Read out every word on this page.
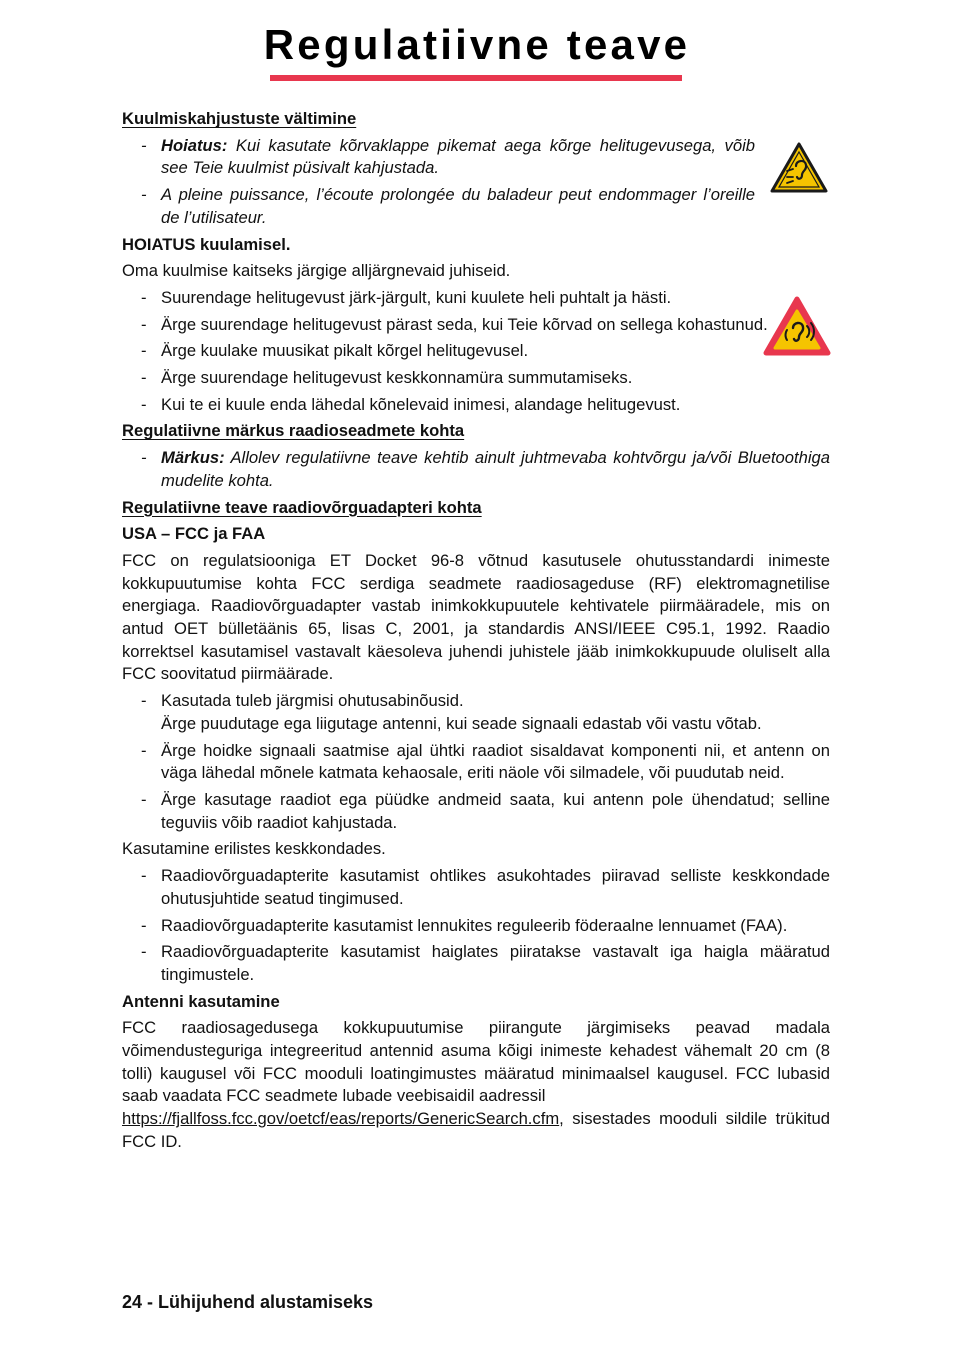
Regulatiivne teave
Kuulmiskahjustuste vältimine
- Hoiatus: Kui kasutate kõrvaklappe pikemat aega kõrge helitugevusega, võib see Teie kuulmist püsivalt kahjustada.
- A pleine puissance, l’écoute prolongée du baladeur peut endommager l’oreille de l’utilisateur.
HOIATUS kuulamisel.
Oma kuulmise kaitseks järgige alljärgnevaid juhiseid.
- Suurendage helitugevust järk-järgult, kuni kuulete heli puhtalt ja hästi.
- Ärge suurendage helitugevust pärast seda, kui Teie kõrvad on sellega kohastunud.
- Ärge kuulake muusikat pikalt kõrgel helitugevusel.
- Ärge suurendage helitugevust keskkonnamüra summutamiseks.
- Kui te ei kuule enda lähedal kõnelevaid inimesi, alandage helitugevust.
Regulatiivne märkus raadioseadmete kohta
- Märkus: Allolev regulatiivne teave kehtib ainult juhtmevaba kohtvõrgu ja/või Bluetoothiga mudelite kohta.
Regulatiivne teave raadiovõrguadapteri kohta
USA – FCC ja FAA
FCC on regulatsiooniga ET Docket 96-8 võtnud kasutusele ohutusstandardi inimeste kokkupuutumise kohta FCC serdiga seadmete raadiosageduse (RF) elektromagnetilise energiaga. Raadiovõrguadapter vastab inimkokkupuutele kehtivatele piirmääradele, mis on antud OET bülletäänis 65, lisas C, 2001, ja standardis ANSI/IEEE C95.1, 1992. Raadio korrektsel kasutamisel vastavalt käesoleva juhendi juhistele jääb inimkokkupuude oluliselt alla FCC soovitatud piirmäärade.
- Kasutada tuleb järgmisi ohutusabinõusid.
Ärge puudutage ega liigutage antenni, kui seade signaali edastab või vastu võtab.
- Ärge hoidke signaali saatmise ajal ühtki raadiot sisaldavat komponenti nii, et antenn on väga lähedal mõnele katmata kehaosale, eriti näole või silmadele, või puudutab neid.
- Ärge kasutage raadiot ega püüdke andmeid saata, kui antenn pole ühendatud; selline teguviis võib raadiot kahjustada.
Kasutamine erilistes keskkondades.
- Raadiovõrguadapterite kasutamist ohtlikes asukohtades piiravad selliste keskkondade ohutusjuhtide seatud tingimused.
- Raadiovõrguadapterite kasutamist lennukites reguleerib föderaalne lennuamet (FAA).
- Raadiovõrguadapterite kasutamist haiglates piiratakse vastavalt iga haigla määratud tingimustele.
Antenni kasutamine
FCC raadiosagedusega kokkupuutumise piirangute järgimiseks peavad madala võimendusteguriga integreeritud antennid asuma kõigi inimeste kehadest vähemalt 20 cm (8 tolli) kaugusel või FCC mooduli loatingimustes määratud minimaalsel kaugusel. FCC lubasid saab vaadata FCC seadmete lubade veebisaidil aadressil
https://fjallfoss.fcc.gov/oetcf/eas/reports/GenericSearch.cfm, sisestades mooduli sildile trükitud FCC ID.
24 - Lühijuhend alustamiseks
